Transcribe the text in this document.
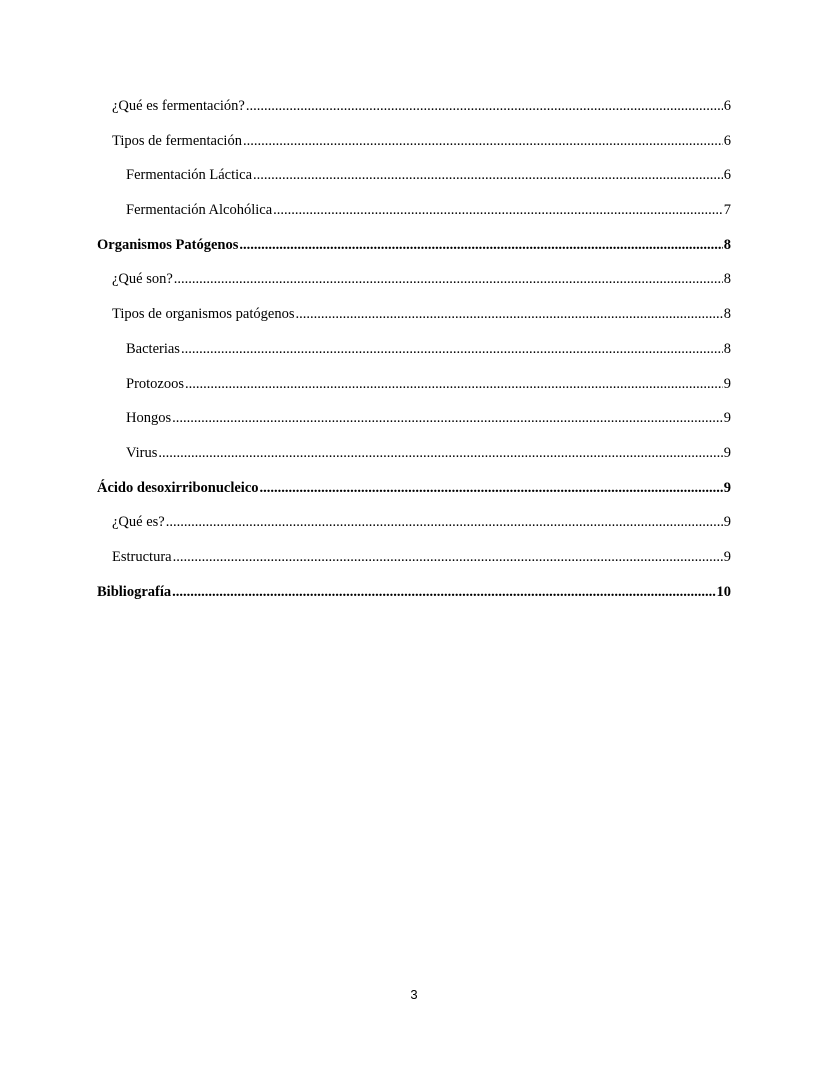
¿Qué es fermentación? .....	6
Tipos de fermentación .....	6
Fermentación Láctica .....	6
Fermentación Alcohólica .....	7
Organismos Patógenos .....	8
¿Qué son? .....	8
Tipos de organismos patógenos .....	8
Bacterias .....	8
Protozoos .....	9
Hongos .....	9
Virus .....	9
Ácido desoxirribonucleico .....	9
¿Qué es? .....	9
Estructura .....	9
Bibliografía .....	10
3
